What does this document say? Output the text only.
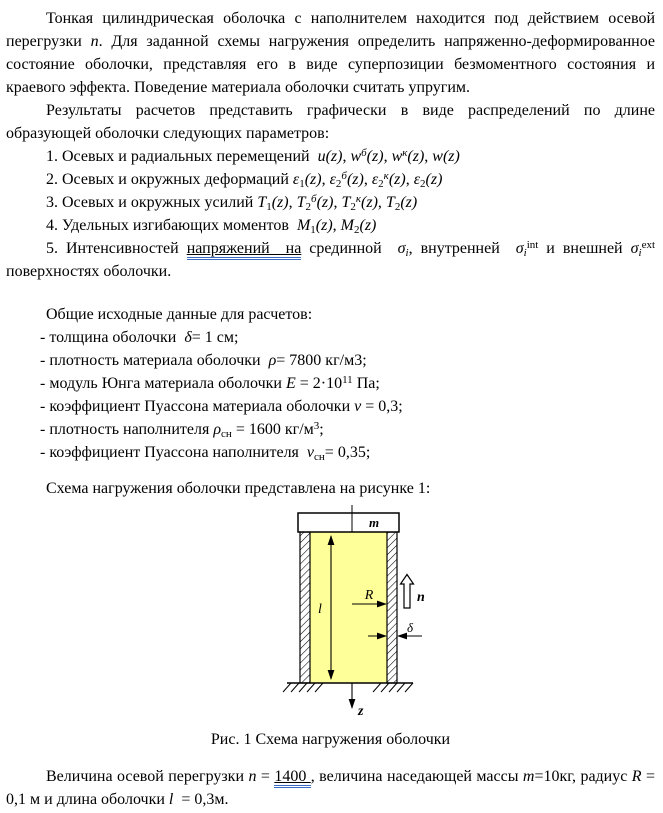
Тонкая цилиндрическая оболочка с наполнителем находится под действием осевой перегрузки n. Для заданной схемы нагружения определить напряженно-деформированное состояние оболочки, представляя его в виде суперпозиции безмоментного состояния и краевого эффекта. Поведение материала оболочки считать упругим.

Результаты расчетов представить графически в виде распределений по длине образующей оболочки следующих параметров:

1. Осевых и радиальных перемещений  u(z), $w^б(z)$, $w^к(z)$, w(z)

2. Осевых и окружных деформаций $\varepsilon_1(z)$, $\varepsilon_2^б(z)$, $\varepsilon_2^к(z)$, $\varepsilon_2(z)$

3. Осевых и окружных усилий $T_1(z)$, $T_2^б(z)$, $T_2^к(z)$, $T_2(z)$

4. Удельных изгибающих моментов  $M_1(z)$, $M_2(z)$

5. Интенсивностей напряжений  на срединной  $\sigma_i$, внутренней  $\sigma_i^{int}$ и внешней $\sigma_i^{ext}$ поверхностях оболочки.

Общие исходные данные для расчетов:

- толщина оболочки  δ= 1 см;

- плотность материала оболочки  ρ= 7800 кг/м3;

- модуль Юнга материала оболочки $E = 2\cdot 10^{11}$ Па;

- коэффициент Пуассона материала оболочки ν = 0,3;

- плотность наполнителя $\rho_{сн} = 1600$ $кг/м^3$;

- коэффициент Пуассона наполнителя  $\nu_{сн}= 0,35$;

Схема нагружения оболочки представлена на рисунке 1:

m
l
R	n
δ
z

Рис. 1 Схема нагружения оболочки

Величина осевой перегрузки n = 1400 , величина наседающей массы m=10кг, радиус R = 0,1 м и длина оболочки l  = 0,3м.
